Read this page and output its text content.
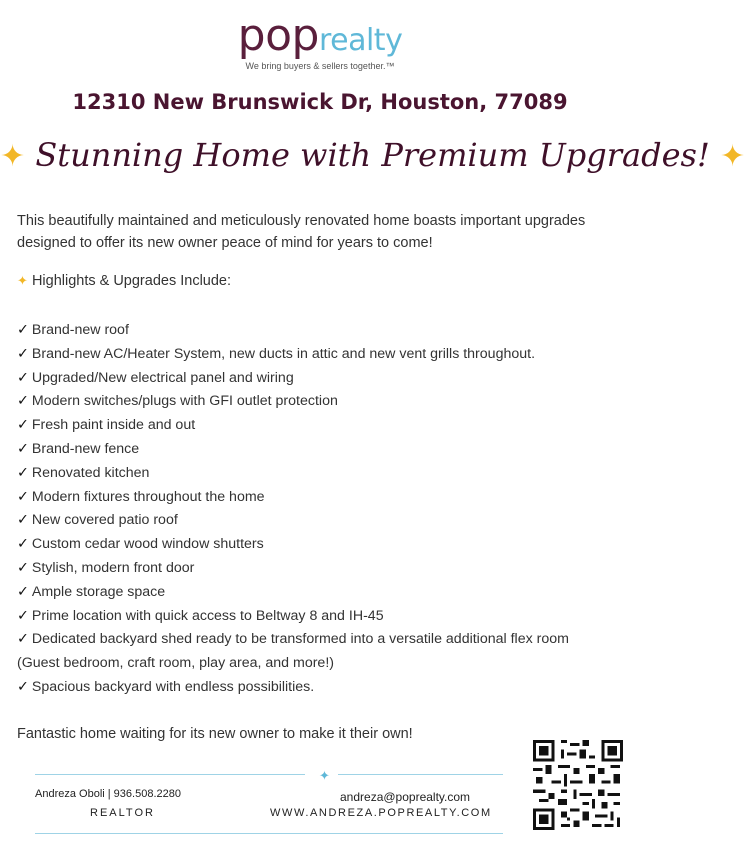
poprealty
We bring buyers & sellers together.™
12310 New Brunswick Dr, Houston, 77089
✦ Stunning Home with Premium Upgrades! ✦
This beautifully maintained and meticulously renovated home boasts important upgrades designed to offer its new owner peace of mind for years to come!
✦ Highlights & Upgrades Include:
✓ Brand-new roof
✓ Brand-new AC/Heater System, new ducts in attic and new vent grills throughout.
✓ Upgraded/New electrical panel and wiring
✓ Modern switches/plugs with GFI outlet protection
✓ Fresh paint inside and out
✓ Brand-new fence
✓ Renovated kitchen
✓ Modern fixtures throughout the home
✓ New covered patio roof
✓ Custom cedar wood window shutters
✓ Stylish, modern front door
✓ Ample storage space
✓ Prime location with quick access to Beltway 8 and IH-45
✓ Dedicated backyard shed ready to be transformed into a versatile additional flex room
(Guest bedroom, craft room, play area, and more!)
✓ Spacious backyard with endless possibilities.
Fantastic home waiting for its new owner to make it their own!
✦
Andreza Oboli | 936.508.2280
REALTOR
andreza@poprealty.com
WWW.ANDREZA.POPREALTY.COM
